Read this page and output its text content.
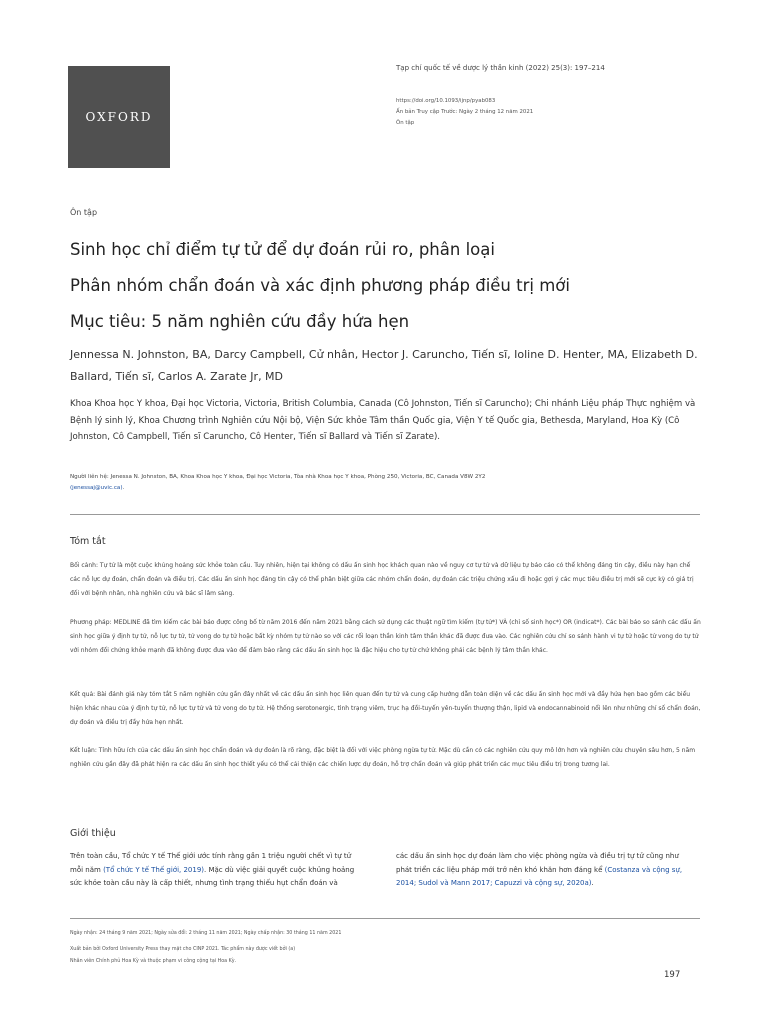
OXFORD
Tạp chí quốc tế về dược lý thần kinh (2022) 25(3): 197–214
https://doi.org/10.1093/ijnp/pyab083
Ấn bản Truy cập Trước: Ngày 2 tháng 12 năm 2021
Ôn tập
Ôn tập
Sinh học chỉ điểm tự tử để dự đoán rủi ro, phân loại
Phân nhóm chẩn đoán và xác định phương pháp điều trị mới
Mục tiêu: 5 năm nghiên cứu đầy hứa hẹn
Jennessa N. Johnston, BA, Darcy Campbell, Cử nhân, Hector J. Caruncho, Tiến sĩ, Ioline D. Henter, MA, Elizabeth D. Ballard, Tiến sĩ, Carlos A. Zarate Jr, MD
Khoa Khoa học Y khoa, Đại học Victoria, Victoria, British Columbia, Canada (Cô Johnston, Tiến sĩ Caruncho); Chi nhánh Liệu pháp Thực nghiệm và Bệnh lý sinh lý, Khoa Chương trình Nghiên cứu Nội bộ, Viện Sức khỏe Tâm thần Quốc gia, Viện Y tế Quốc gia, Bethesda, Maryland, Hoa Kỳ (Cô Johnston, Cô Campbell, Tiến sĩ Caruncho, Cô Henter, Tiến sĩ Ballard và Tiến sĩ Zarate).
Người liên hệ: Jenessa N. Johnston, BA, Khoa Khoa học Y khoa, Đại học Victoria, Tòa nhà Khoa học Y khoa, Phòng 250, Victoria, BC, Canada V8W 2Y2
(jenessaj@uvic.ca).
Tóm tắt
Bối cảnh: Tự tử là một cuộc khủng hoảng sức khỏe toàn cầu. Tuy nhiên, hiện tại không có dấu ấn sinh học khách quan nào về nguy cơ tự tử và dữ liệu tự báo cáo có thể không đáng tin cậy, điều này hạn chế các nỗ lực dự đoán, chẩn đoán và điều trị. Các dấu ấn sinh học đáng tin cậy có thể phân biệt giữa các nhóm chẩn đoán, dự đoán các triệu chứng xấu đi hoặc gợi ý các mục tiêu điều trị mới sẽ cực kỳ có giá trị đối với bệnh nhân, nhà nghiên cứu và bác sĩ lâm sàng.
Phương pháp: MEDLINE đã tìm kiếm các bài báo được công bố từ năm 2016 đến năm 2021 bằng cách sử dụng các thuật ngữ tìm kiếm (tự tử*) VÀ (chỉ số sinh học*) OR (indicat*). Các bài báo so sánh các dấu ấn sinh học giữa ý định tự tử, nỗ lực tự tử, tử vong do tự tử hoặc bất kỳ nhóm tự tử nào so với các rối loạn thần kinh tâm thần khác đã được đưa vào. Các nghiên cứu chỉ so sánh hành vi tự tử hoặc tử vong do tự tử với nhóm đối chứng khỏe mạnh đã không được đưa vào để đảm bảo rằng các dấu ấn sinh học là đặc hiệu cho tự tử chứ không phải các bệnh lý tâm thần khác.
Kết quả: Bài đánh giá này tóm tắt 5 năm nghiên cứu gần đây nhất về các dấu ấn sinh học liên quan đến tự tử và cung cấp hướng dẫn toàn diện về các dấu ấn sinh học mới và đầy hứa hẹn bao gồm các biểu hiện khác nhau của ý định tự tử, nỗ lực tự tử và tử vong do tự tử. Hệ thống serotonergic, tình trạng viêm, trục hạ đồi-tuyến yên-tuyến thượng thận, lipid và endocannabinoid nổi lên như những chỉ số chẩn đoán, dự đoán và điều trị đầy hứa hẹn nhất.
Kết luận: Tính hữu ích của các dấu ấn sinh học chẩn đoán và dự đoán là rõ ràng, đặc biệt là đối với việc phòng ngừa tự tử. Mặc dù cần có các nghiên cứu quy mô lớn hơn và nghiên cứu chuyên sâu hơn, 5 năm nghiên cứu gần đây đã phát hiện ra các dấu ấn sinh học thiết yếu có thể cải thiện các chiến lược dự đoán, hỗ trợ chẩn đoán và giúp phát triển các mục tiêu điều trị trong tương lai.
Giới thiệu
Trên toàn cầu, Tổ chức Y tế Thế giới ước tính rằng gần 1 triệu người chết vì tự tử mỗi năm (Tổ chức Y tế Thế giới, 2019). Mặc dù việc giải quyết cuộc khủng hoảng sức khỏe toàn cầu này là cấp thiết, nhưng tình trạng thiếu hụt chẩn đoán và
các dấu ấn sinh học dự đoán làm cho việc phòng ngừa và điều trị tự tử cũng như phát triển các liệu pháp mới trở nên khó khăn hơn đáng kể (Costanza và cộng sự, 2014; Sudol và Mann 2017; Capuzzi và cộng sự, 2020a).
Ngày nhận: 24 tháng 9 năm 2021; Ngày sửa đổi: 2 tháng 11 năm 2021; Ngày chấp nhận: 30 tháng 11 năm 2021
Xuất bản bởi Oxford University Press thay mặt cho CINP 2021. Tác phẩm này được viết bởi (a)
Nhân viên Chính phủ Hoa Kỳ và thuộc phạm vi công cộng tại Hoa Kỳ.
197
